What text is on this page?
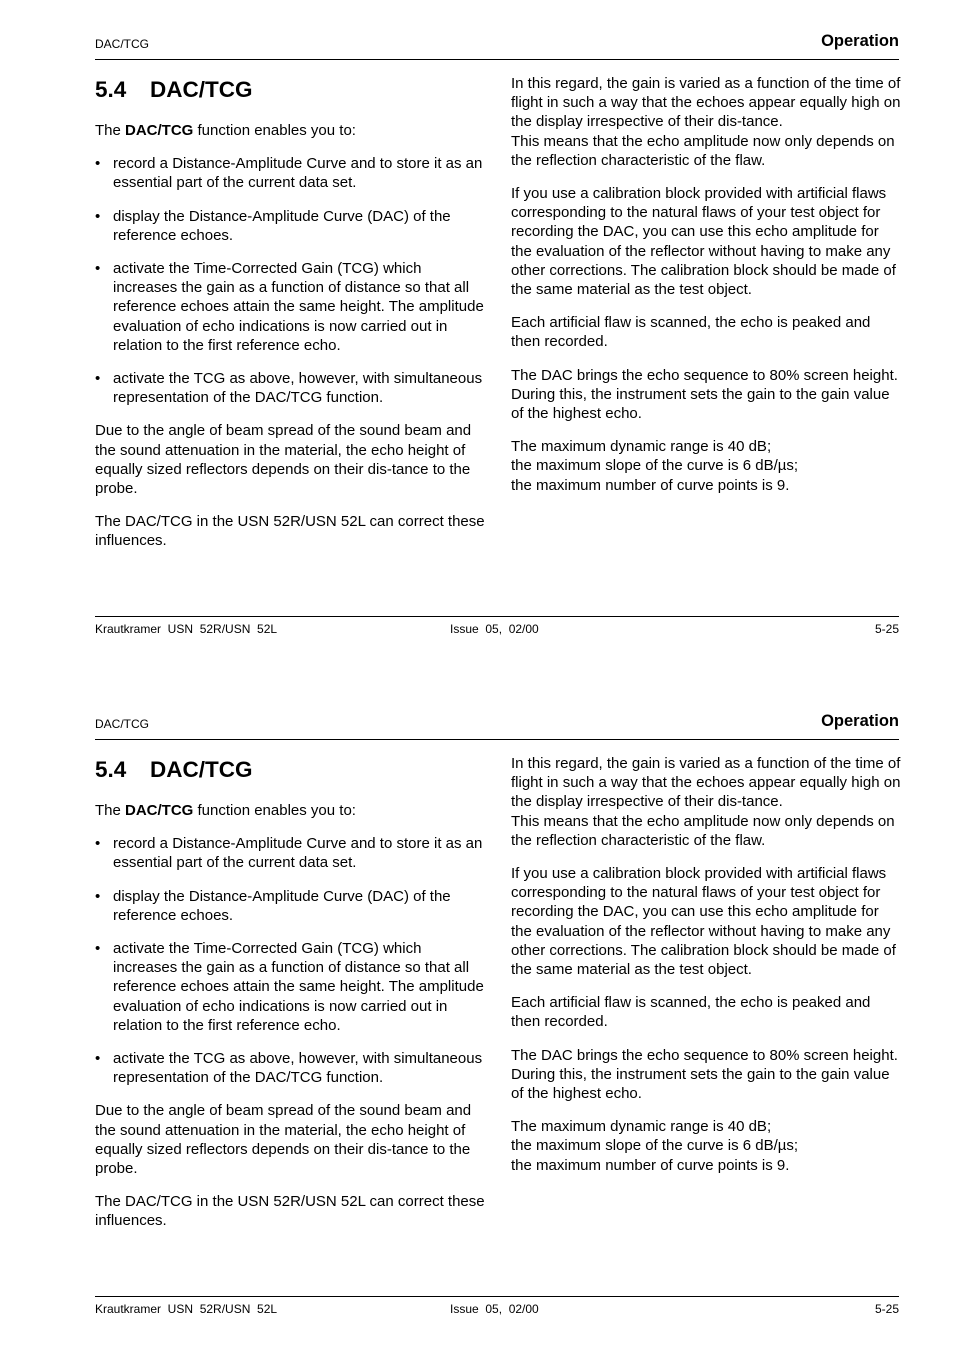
DAC/TCG	Operation
5.4 DAC/TCG

The DAC/TCG function enables you to:

• record a Distance-Amplitude Curve and to store it as an essential part of the current data set.
• display the Distance-Amplitude Curve (DAC) of the reference echoes.
• activate the Time-Corrected Gain (TCG) which increases the gain as a function of distance so that all reference echoes attain the same height. The amplitude evaluation of echo indications is now carried out in relation to the first reference echo.
• activate the TCG as above, however, with simultaneous representation of the DAC/TCG function.

Due to the angle of beam spread of the sound beam and the sound attenuation in the material, the echo height of equally sized reflectors depends on their dis-tance to the probe.

The DAC/TCG in the USN 52R/USN 52L can correct these influences.

In this regard, the gain is varied as a function of the time of flight in such a way that the echoes appear equally high on the display irrespective of their dis-tance.
This means that the echo amplitude now only depends on the reflection characteristic of the flaw.

If you use a calibration block provided with artificial flaws corresponding to the natural flaws of your test object for recording the DAC, you can use this echo amplitude for the evaluation of the reflector without having to make any other corrections. The calibration block should be made of the same material as the test object.

Each artificial flaw is scanned, the echo is peaked and then recorded.

The DAC brings the echo sequence to 80% screen height. During this, the instrument sets the gain to the gain value of the highest echo.

The maximum dynamic range is 40 dB;
the maximum slope of the curve is 6 dB/µs;
the maximum number of curve points is 9.

Krautkramer  USN  52R/USN  52L	Issue  05,  02/00	5-25
DAC/TCG	Operation
5.4 DAC/TCG

The DAC/TCG function enables you to:

• record a Distance-Amplitude Curve and to store it as an essential part of the current data set.
• display the Distance-Amplitude Curve (DAC) of the reference echoes.
• activate the Time-Corrected Gain (TCG) which increases the gain as a function of distance so that all reference echoes attain the same height. The amplitude evaluation of echo indications is now carried out in relation to the first reference echo.
• activate the TCG as above, however, with simultaneous representation of the DAC/TCG function.

Due to the angle of beam spread of the sound beam and the sound attenuation in the material, the echo height of equally sized reflectors depends on their dis-tance to the probe.

The DAC/TCG in the USN 52R/USN 52L can correct these influences.

In this regard, the gain is varied as a function of the time of flight in such a way that the echoes appear equally high on the display irrespective of their dis-tance.
This means that the echo amplitude now only depends on the reflection characteristic of the flaw.

If you use a calibration block provided with artificial flaws corresponding to the natural flaws of your test object for recording the DAC, you can use this echo amplitude for the evaluation of the reflector without having to make any other corrections. The calibration block should be made of the same material as the test object.

Each artificial flaw is scanned, the echo is peaked and then recorded.

The DAC brings the echo sequence to 80% screen height. During this, the instrument sets the gain to the gain value of the highest echo.

The maximum dynamic range is 40 dB;
the maximum slope of the curve is 6 dB/µs;
the maximum number of curve points is 9.

Krautkramer  USN  52R/USN  52L	Issue  05,  02/00	5-25
